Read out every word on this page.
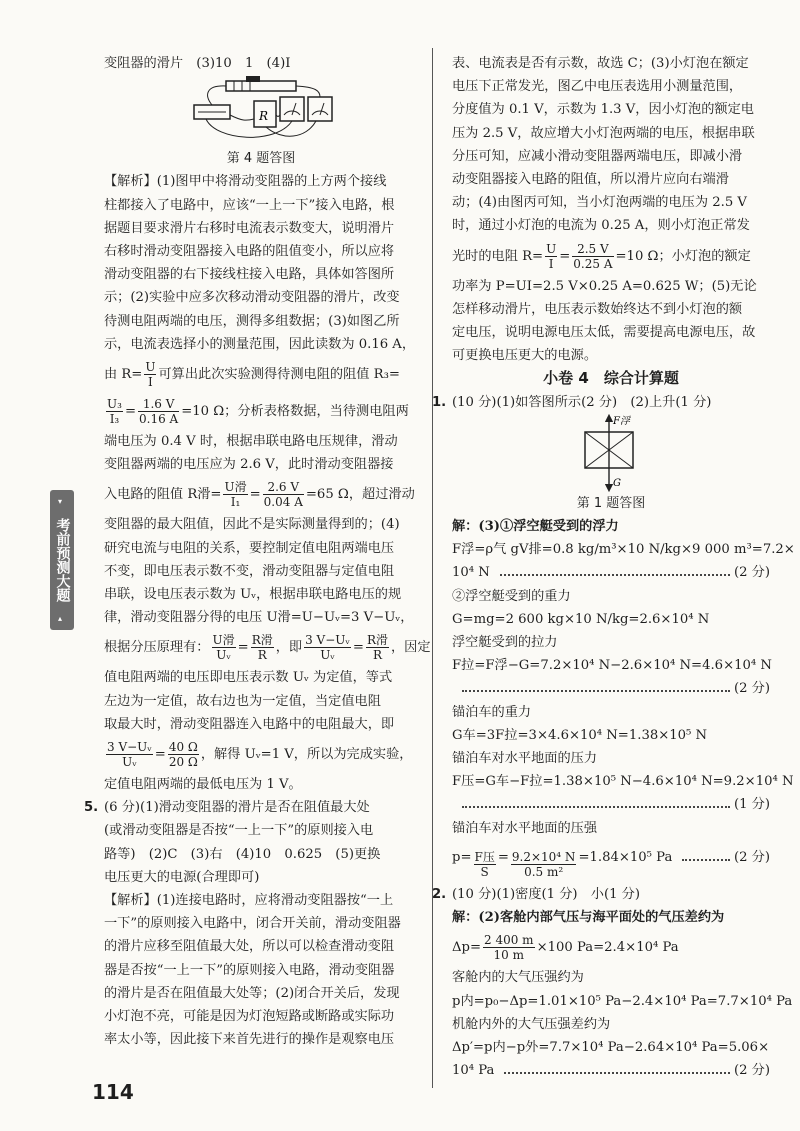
▾ 考前预测大题 ▴
变阻器的滑片　(3)10　1　(4)I
R
第 4 题答图
【解析】(1)图甲中将滑动变阻器的上方两个接线
柱都接入了电路中，应该“一上一下”接入电路，根
据题目要求滑片右移时电流表示数变大，说明滑片
右移时滑动变阻器接入电路的阻值变小，所以应将
滑动变阻器的右下接线柱接入电路，具体如答图所
示；(2)实验中应多次移动滑动变阻器的滑片，改变
待测电阻两端的电压，测得多组数据；(3)如图乙所
示，电流表选择小的测量范围，因此读数为 0.16 A，
由 $R= \frac{U}{I}$ 可算出此次实验测得待测电阻的阻值 R₃=
$\frac{\text{U₃}}{\text{I₃}} = \frac{1.6 V}{0.16 A} =10$ Ω；分析表格数据，当待测电阻两
端电压为 0.4 V 时，根据串联电路电压规律，滑动
变阻器两端的电压应为 2.6 V，此时滑动变阻器接
入电路的阻值 R滑= $\frac{\text{U滑}}{\text{I₁}} = \frac{2.6 V}{0.04 A} =65$ Ω，超过滑动
变阻器的最大阻值，因此不是实际测量得到的；(4)
研究电流与电阻的关系，要控制定值电阻两端电压
不变，即电压表示数不变，滑动变阻器与定值电阻
串联，设电压表示数为 Uᵥ，根据串联电路电压的规
律，滑动变阻器分得的电压 U滑=U−Uᵥ=3 V−Uᵥ，
根据分压原理有： $\frac{\text{U滑}}{\text{Uᵥ}} = \frac{\text{R滑}}{R}$ ，即 $\frac{\text{3 V−Uᵥ}}{\text{Uᵥ}} = \frac{\text{R滑}}{R}$ ，因定
值电阻两端的电压即电压表示数 Uᵥ 为定值，等式
左边为一定值，故右边也为一定值，当定值电阻
取最大时，滑动变阻器连入电路中的电阻最大，即
$\frac{\text{3 V−Uᵥ}}{\text{Uᵥ}} = \frac{40 \Omega}{20 \Omega}$ ，解得 Uᵥ=1 V，所以为完成实验，
定值电阻两端的最低电压为 1 V。
5. (6 分)(1)滑动变阻器的滑片是否在阻值最大处
(或滑动变阻器是否按“一上一下”的原则接入电
路等)　(2)C　(3)右　(4)10　0.625　(5)更换
电压更大的电源(合理即可)
【解析】(1)连接电路时，应将滑动变阻器按“一上
一下”的原则接入电路中，闭合开关前，滑动变阻器
的滑片应移至阻值最大处，所以可以检查滑动变阻
器是否按“一上一下”的原则接入电路，滑动变阻器
的滑片是否在阻值最大处等；(2)闭合开关后，发现
小灯泡不亮，可能是因为灯泡短路或断路或实际功
率太小等，因此接下来首先进行的操作是观察电压
表、电流表是否有示数，故选 C；(3)小灯泡在额定
电压下正常发光，图乙中电压表选用小测量范围，
分度值为 0.1 V，示数为 1.3 V，因小灯泡的额定电
压为 2.5 V，故应增大小灯泡两端的电压，根据串联
分压可知，应减小滑动变阻器两端电压，即减小滑
动变阻器接入电路的阻值，所以滑片应向右端滑
动；(4)由图丙可知，当小灯泡两端的电压为 2.5 V
时，通过小灯泡的电流为 0.25 A，则小灯泡正常发
光时的电阻 $R= \frac{U}{I} = \frac{2.5 V}{0.25 A} =10$ Ω；小灯泡的额定
功率为 P=UI=2.5 V×0.25 A=0.625 W；(5)无论
怎样移动滑片，电压表示数始终达不到小灯泡的额
定电压，说明电源电压太低，需要提高电源电压，故
可更换电压更大的电源。
小卷 4　综合计算题
1. (10 分)(1)如答图所示(2 分)　(2)上升(1 分)
F浮
G
第 1 题答图
解：(3)①浮空艇受到的浮力
F浮=ρ气 gV排=0.8 kg/m³×10 N/kg×9 000 m³=7.2×
10⁴ N	(2 分)
②浮空艇受到的重力
G=mg=2 600 kg×10 N/kg=2.6×10⁴ N
浮空艇受到的拉力
F拉=F浮−G=7.2×10⁴ N−2.6×10⁴ N=4.6×10⁴ N
(2 分)
锚泊车的重力
G车=3F拉=3×4.6×10⁴ N=1.38×10⁵ N
锚泊车对水平地面的压力
F压=G车−F拉=1.38×10⁵ N−4.6×10⁴ N=9.2×10⁴ N
(1 分)
锚泊车对水平地面的压强
$p= \frac{\text{F压}}{S} = \frac{\text{9.2×10⁴ N}}{\text{0.5 m²}} =1.84\times 10^5$ Pa	(2 分)
2. (10 分)(1)密度(1 分)　小(1 分)
解：(2)客舱内部气压与海平面处的气压差约为
$\Delta p= \frac{2 400 m}{10 m} \times 100$ Pa=2.4×10⁴ Pa
客舱内的大气压强约为
p内=p₀−Δp=1.01×10⁵ Pa−2.4×10⁴ Pa=7.7×10⁴ Pa
机舱内外的大气压强差约为
Δp′=p内−p外=7.7×10⁴ Pa−2.64×10⁴ Pa=5.06×
10⁴ Pa	(2 分)
114
